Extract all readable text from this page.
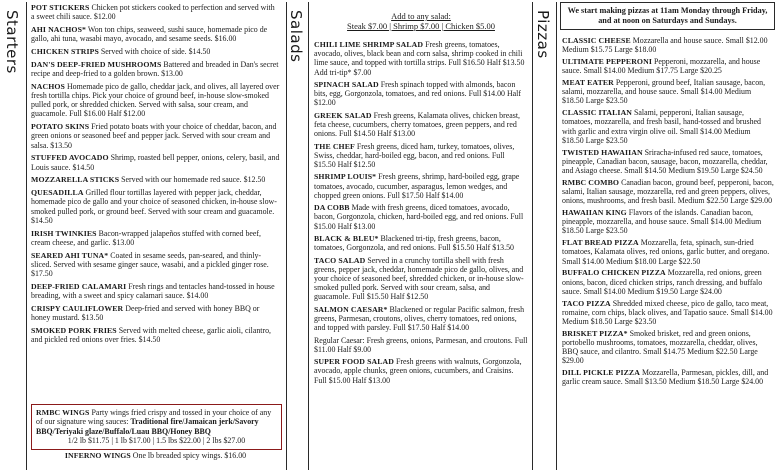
Starters	Salads	Pizzas
POT STICKERS Chicken pot stickers cooked to perfection and served with a sweet chili sauce. $12.00
AHI NACHOS* Won ton chips, seaweed, sushi sauce, homemade pico de gallo, ahi tuna, wasabi mayo, avocado, and sesame seeds. $16.00
CHICKEN STRIPS Served with choice of side. $14.50
DAN'S DEEP-FRIED MUSHROOMS Battered and breaded in Dan's secret recipe and deep-fried to a golden brown. $13.00
NACHOS Homemade pico de gallo, cheddar jack, and olives, all layered over fresh tortilla chips. Pick your choice of ground beef, in-house slow-smoked pulled pork, or shredded chicken. Served with salsa, sour cream, and guacamole. Full $16.00 Half $12.00
POTATO SKINS Fried potato boats with your choice of cheddar, bacon, and green onions or seasoned beef and pepper jack. Served with sour cream and salsa. $13.50
STUFFED AVOCADO Shrimp, roasted bell pepper, onions, celery, basil, and Louis sauce. $14.50
MOZZARELLA STICKS Served with our homemade red sauce. $12.50
QUESADILLA Grilled flour tortillas layered with pepper jack, cheddar, homemade pico de gallo and your choice of seasoned chicken, in-house slow-smoked pulled pork, or ground beef. Served with sour cream and guacamole. $14.50
IRISH TWINKIES Bacon-wrapped jalapeños stuffed with corned beef, cream cheese, and garlic. $13.00
SEARED AHI TUNA* Coated in sesame seeds, pan-seared, and thinly-sliced. Served with sesame ginger sauce, wasabi, and a pickled ginger rose. $17.50
DEEP-FRIED CALAMARI Fresh rings and tentacles hand-tossed in house breading, with a sweet and spicy calamari sauce. $14.00
CRISPY CAULIFLOWER Deep-fried and served with honey BBQ or honey mustard. $13.50
SMOKED PORK FRIES Served with melted cheese, garlic aioli, cilantro, and pickled red onions over fries. $14.50
RMBC WINGS Party wings fried crispy and tossed in your choice of any of our signature wing sauces: Traditional fire/Jamaican jerk/Savory BBQ/Teriyaki glaze/Buffalo/Luau BBQ/Honey BBQ
1/2 lb $11.75 | 1 lb $17.00 | 1.5 lbs $22.00 | 2 lbs $27.00
INFERNO WINGS One lb breaded spicy wings. $16.00
Add to any salad:
Steak $7.00 | Shrimp $7.00 | Chicken $5.00
CHILI LIME SHRIMP SALAD Fresh greens, tomatoes, avocado, olives, black bean and corn salsa, shrimp cooked in chili lime sauce, and topped with tortilla strips. Full $16.50 Half $13.50 Add tri-tip* $7.00
SPINACH SALAD Fresh spinach topped with almonds, bacon bits, egg, Gorgonzola, tomatoes, and red onions. Full $14.00 Half $12.00
GREEK SALAD Fresh greens, Kalamata olives, chicken breast, feta cheese, cucumbers, cherry tomatoes, green peppers, and red onions. Full $14.50 Half $13.00
THE CHEF Fresh greens, diced ham, turkey, tomatoes, olives, Swiss, cheddar, hard-boiled egg, bacon, and red onions. Full $15.50 Half $12.50
SHRIMP LOUIS* Fresh greens, shrimp, hard-boiled egg, grape tomatoes, avocado, cucumber, asparagus, lemon wedges, and chopped green onions. Full $17.50 Half $14.00
DA COBB Made with fresh greens, diced tomatoes, avocado, bacon, Gorgonzola, chicken, hard-boiled egg, and red onions. Full $15.00 Half $13.00
BLACK & BLEU* Blackened tri-tip, fresh greens, bacon, tomatoes, Gorgonzola, and red onions. Full $15.50 Half $13.50
TACO SALAD Served in a crunchy tortilla shell with fresh greens, pepper jack, cheddar, homemade pico de gallo, olives, and your choice of seasoned beef, shredded chicken, or in-house slow-smoked pulled pork. Served with sour cream, salsa, and guacamole. Full $15.50 Half $12.50
SALMON CAESAR* Blackened or regular Pacific salmon, fresh greens, Parmesan, croutons, olives, cherry tomatoes, red onions, and topped with parsley. Full $17.50 Half $14.00
Regular Caesar: Fresh greens, onions, Parmesan, and croutons. Full $11.00 Half $9.00
SUPER FOOD SALAD Fresh greens with walnuts, Gorgonzola, avocado, apple chunks, green onions, cucumbers, and Craisins. Full $15.00 Half $13.00
We start making pizzas at 11am Monday through Friday, and at noon on Saturdays and Sundays.
CLASSIC CHEESE Mozzarella and house sauce. Small $12.00 Medium $15.75 Large $18.00
ULTIMATE PEPPERONI Pepperoni, mozzarella, and house sauce. Small $14.00 Medium $17.75 Large $20.25
MEAT EATER Pepperoni, ground beef, Italian sausage, bacon, salami, mozzarella, and house sauce. Small $14.00 Medium $18.50 Large $23.50
CLASSIC ITALIAN Salami, pepperoni, Italian sausage, tomatoes, mozzarella, and fresh basil, hand-tossed and brushed with garlic and extra virgin olive oil. Small $14.00 Medium $18.50 Large $23.50
TWISTED HAWAIIAN Sriracha-infused red sauce, tomatoes, pineapple, Canadian bacon, sausage, bacon, mozzarella, cheddar, and Asiago cheese. Small $14.50 Medium $19.50 Large $24.50
RMBC COMBO Canadian bacon, ground beef, pepperoni, bacon, salami, Italian sausage, mozzarella, red and green peppers, olives, onions, mushrooms, and fresh basil. Medium $22.50 Large $29.00
HAWAIIAN KING Flavors of the islands. Canadian bacon, pineapple, mozzarella, and house sauce. Small $14.00 Medium $18.50 Large $23.50
FLAT BREAD PIZZA Mozzarella, feta, spinach, sun-dried tomatoes, Kalamata olives, red onions, garlic butter, and oregano. Small $14.00 Medium $18.00 Large $22.50
BUFFALO CHICKEN PIZZA Mozzarella, red onions, green onions, bacon, diced chicken strips, ranch dressing, and buffalo sauce. Small $14.00 Medium $19.50 Large $24.00
TACO PIZZA Shredded mixed cheese, pico de gallo, taco meat, romaine, corn chips, black olives, and Tapatio sauce. Small $14.00 Medium $18.50 Large $23.50
BRISKET PIZZA* Smoked brisket, red and green onions, portobello mushrooms, tomatoes, mozzarella, cheddar, olives, BBQ sauce, and cilantro. Small $14.75 Medium $22.50 Large $29.00
DILL PICKLE PIZZA Mozzarella, Parmesan, pickles, dill, and garlic cream sauce. Small $13.50 Medium $18.50 Large $24.00
